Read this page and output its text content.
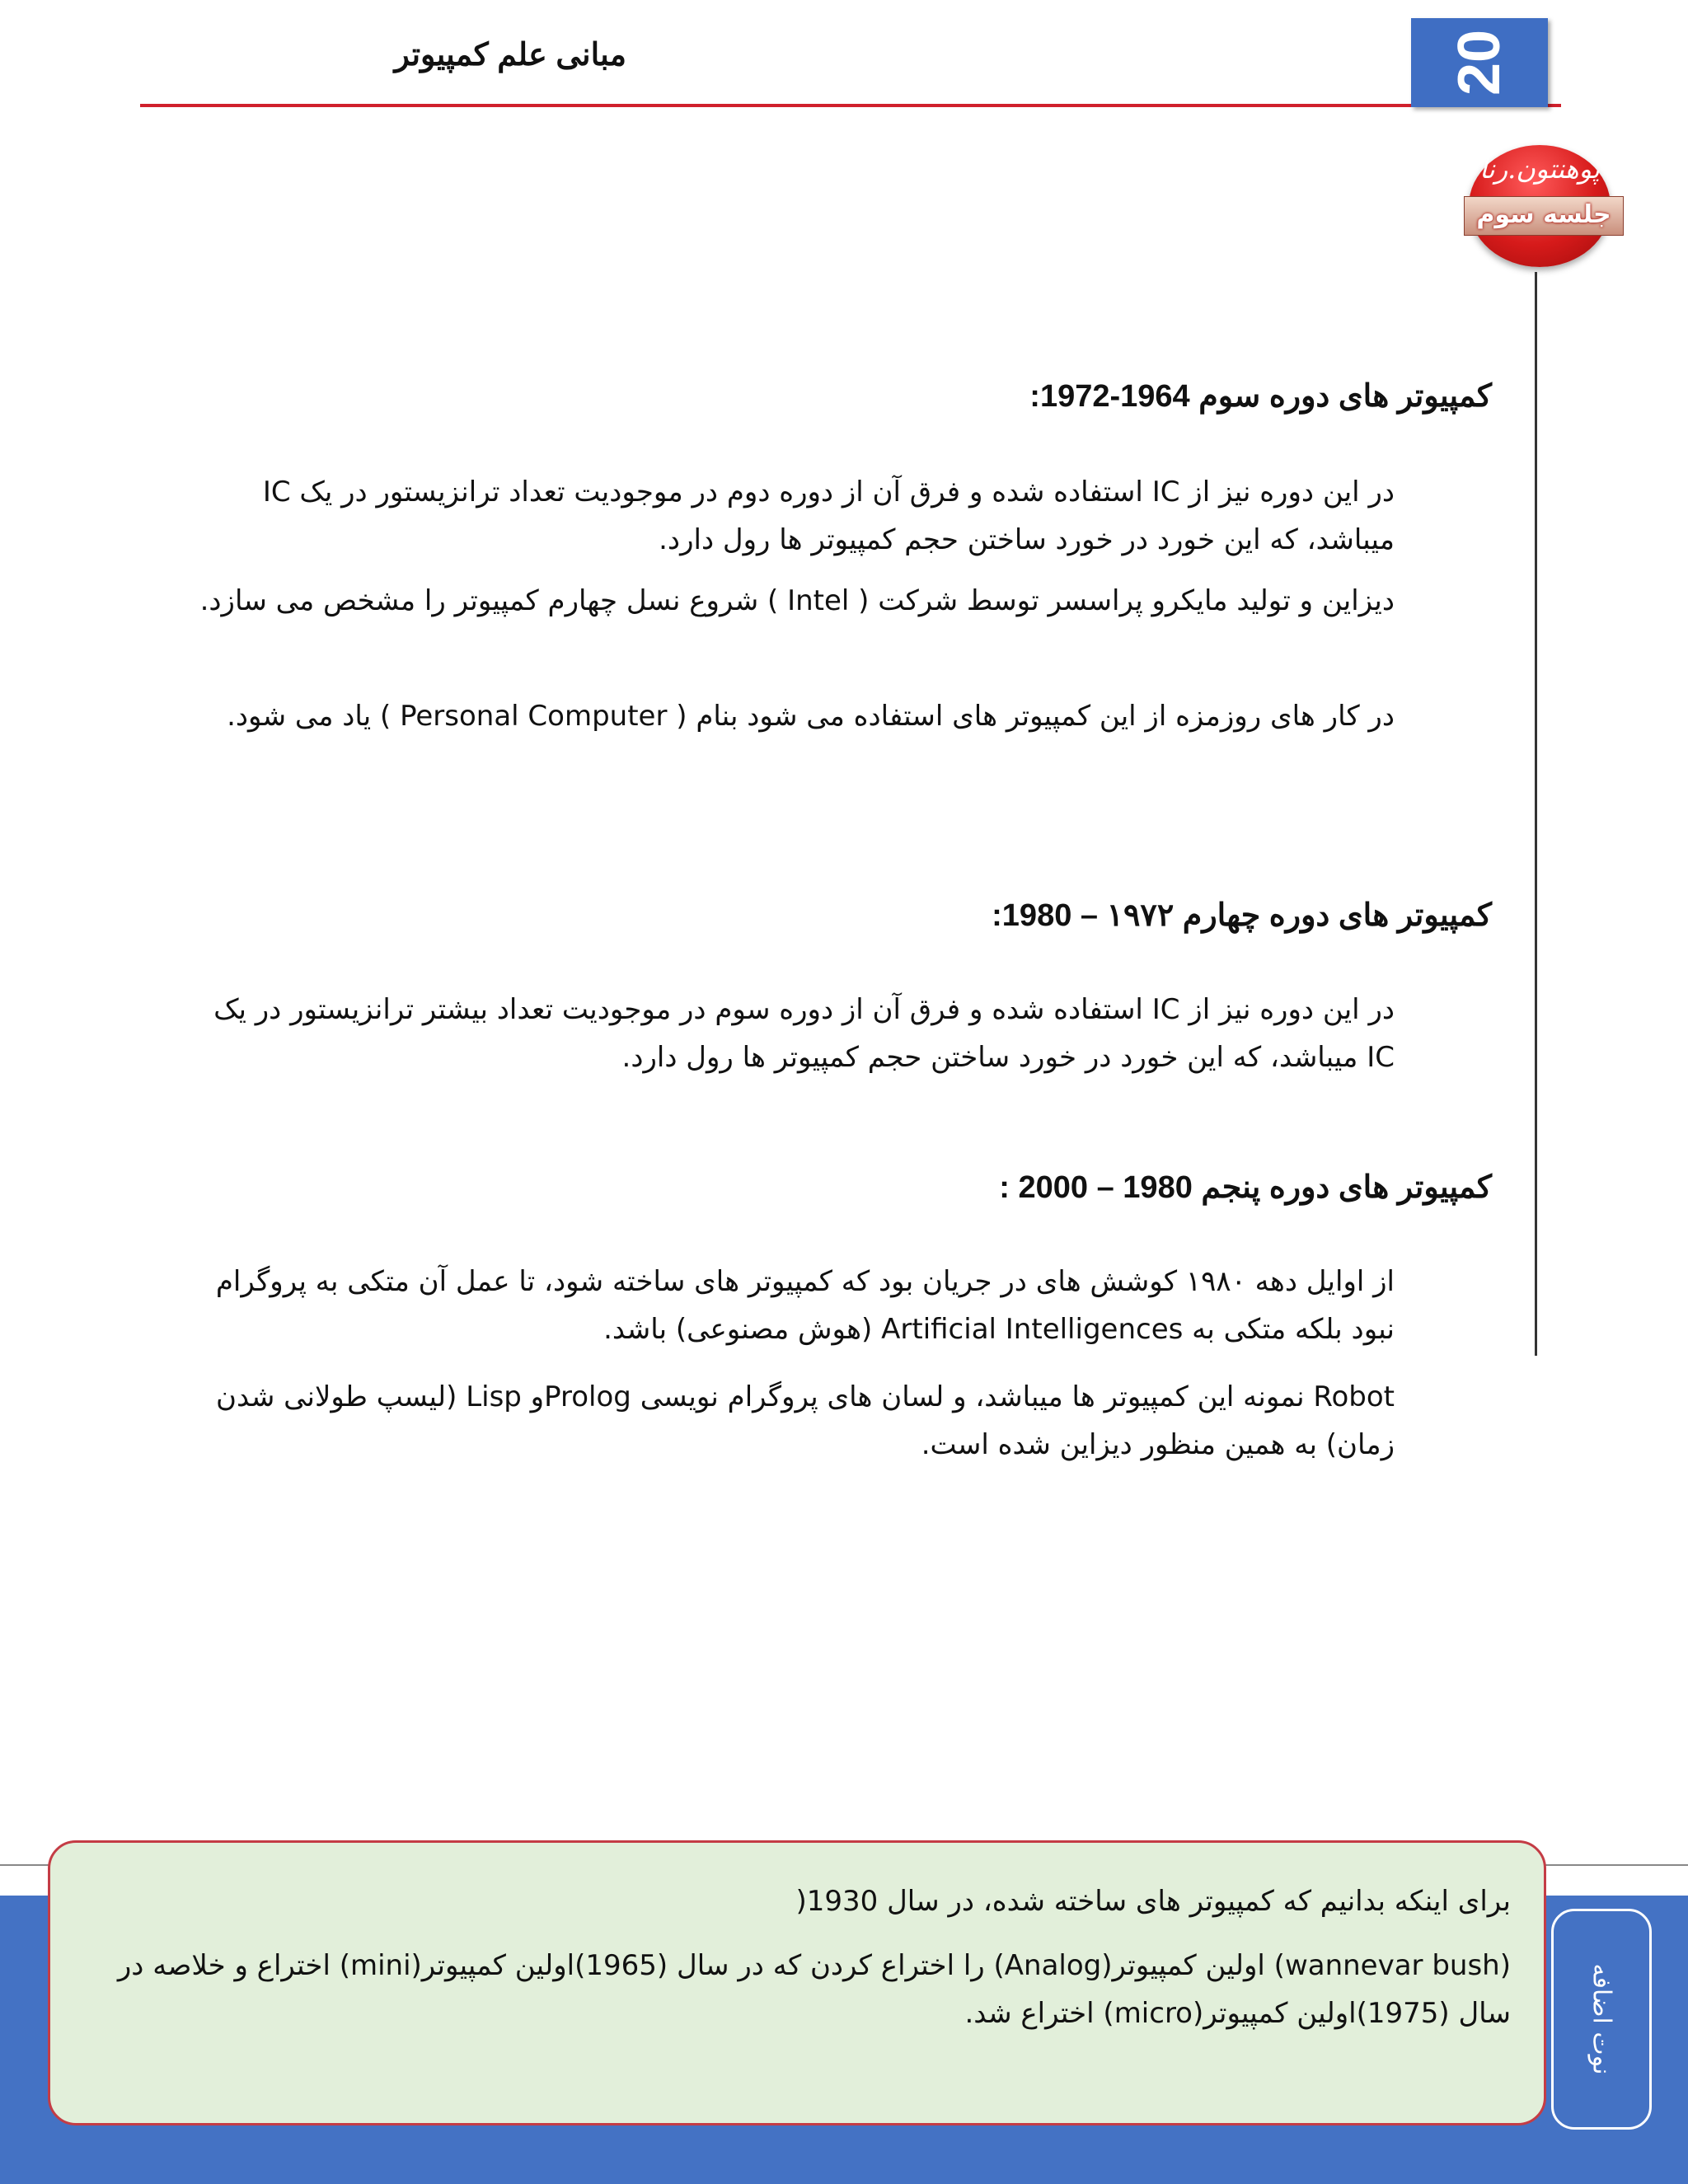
مبانی علم کمپیوتر	20
پوهنتون.رنا
جلسه سوم
کمپیوتر های دوره سوم 1964-1972:

در این دوره نیز از IC استفاده شده و فرق آن از دوره دوم در موجودیت تعداد ترانزیستور در یک IC میباشد، که این خورد در خورد ساختن حجم کمپیوتر ها رول دارد.

دیزاین و تولید مایکرو پراسسر توسط شرکت ( Intel ) شروع نسل چهارم کمپیوتر را مشخص می سازد.

در کار های روزمزه از این کمپیوتر های استفاده می شود بنام ( Personal Computer ) یاد می شود.

کمپیوتر های دوره چهارم ۱۹۷۲ – 1980:

در این دوره نیز از IC استفاده شده و فرق آن از دوره سوم در موجودیت تعداد بیشتر ترانزیستور در یک IC میباشد، که این خورد در خورد ساختن حجم کمپیوتر ها رول دارد.

کمپیوتر های دوره پنجم 1980 – 2000 :

از اوایل دهه ۱۹۸۰ کوشش های در جریان بود که کمپیوتر های ساخته شود، تا عمل آن متکی به پروگرام نبود بلکه متکی به Artificial Intelligences (هوش مصنوعی) باشد.

Robot نمونه این کمپیوتر ها میباشد، و لسان های پروگرام نویسی Prologو Lisp (لیسپ طولانی شدن زمان) به همین منظور دیزاین شده است.

برای اینکه بدانیم که کمپیوتر های ساخته شده، در سال 1930(

(wannevar bush) اولین کمپیوتر(Analog) را اختراع کردن که در سال (1965)اولین کمپیوتر(mini) اختراع و خلاصه در سال (1975)اولین کمپیوتر(micro) اختراع شد.	نوت اضافه
